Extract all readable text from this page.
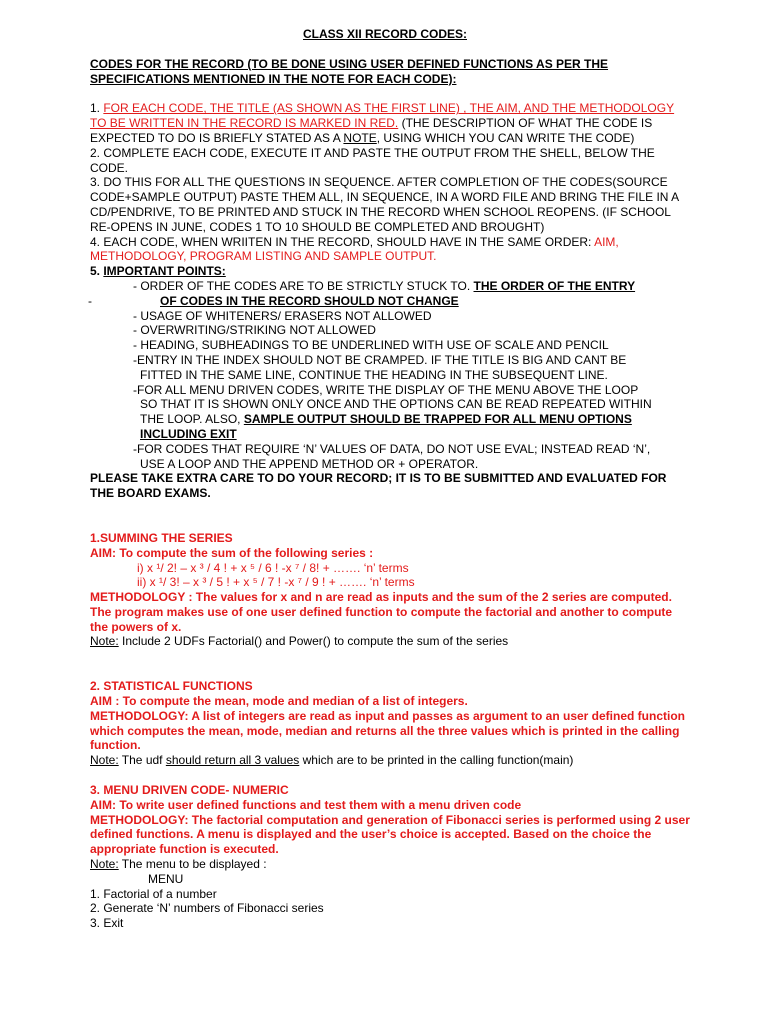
CLASS XII RECORD CODES:

CODES FOR THE RECORD (TO BE DONE USING USER DEFINED FUNCTIONS AS PER THE SPECIFICATIONS MENTIONED IN THE NOTE FOR EACH CODE):

1. FOR EACH CODE, THE TITLE (AS SHOWN AS THE FIRST LINE) , THE AIM, AND THE METHODOLOGY TO BE WRITTEN IN THE RECORD IS MARKED IN RED. (THE DESCRIPTION OF WHAT THE CODE IS EXPECTED TO DO IS BRIEFLY STATED AS A NOTE, USING WHICH YOU CAN WRITE THE CODE)

2. COMPLETE EACH CODE, EXECUTE IT AND PASTE THE OUTPUT FROM THE SHELL, BELOW THE CODE.

3. DO THIS FOR ALL THE QUESTIONS IN SEQUENCE. AFTER COMPLETION OF THE CODES(SOURCE CODE+SAMPLE OUTPUT) PASTE THEM ALL, IN SEQUENCE, IN A WORD FILE AND BRING THE FILE IN A CD/PENDRIVE, TO BE PRINTED AND STUCK IN THE RECORD WHEN SCHOOL REOPENS. (IF SCHOOL RE-OPENS IN JUNE, CODES 1 TO 10 SHOULD BE COMPLETED AND BROUGHT)

4. EACH CODE, WHEN WRIITEN IN THE RECORD, SHOULD HAVE IN THE SAME ORDER: AIM, METHODOLOGY, PROGRAM LISTING AND SAMPLE OUTPUT.

5. IMPORTANT POINTS:

- ORDER OF THE CODES ARE TO BE STRICTLY STUCK TO. THE ORDER OF THE ENTRY

-	OF CODES IN THE RECORD SHOULD NOT CHANGE

- USAGE OF WHITENERS/ ERASERS NOT ALLOWED

- OVERWRITING/STRIKING NOT ALLOWED

- HEADING, SUBHEADINGS TO BE UNDERLINED WITH USE OF SCALE AND PENCIL

-ENTRY IN THE INDEX SHOULD NOT BE CRAMPED. IF THE TITLE IS BIG AND CANT BE

FITTED IN THE SAME LINE, CONTINUE THE HEADING IN THE SUBSEQUENT LINE.

-FOR ALL MENU DRIVEN CODES, WRITE THE DISPLAY OF THE MENU ABOVE THE LOOP

SO THAT IT IS SHOWN ONLY ONCE AND THE OPTIONS CAN BE READ REPEATED WITHIN

THE LOOP. ALSO, SAMPLE OUTPUT SHOULD BE TRAPPED FOR ALL MENU OPTIONS

INCLUDING EXIT

-FOR CODES THAT REQUIRE ‘N’ VALUES OF DATA, DO NOT USE EVAL; INSTEAD READ ‘N’,

USE A LOOP AND THE APPEND METHOD OR + OPERATOR.

PLEASE TAKE EXTRA CARE TO DO YOUR RECORD; IT IS TO BE SUBMITTED AND EVALUATED FOR THE BOARD EXAMS.

1.SUMMING THE SERIES

AIM: To compute the sum of the following series :

i) x ¹/ 2! – x ³ / 4 ! + x ⁵ / 6 ! -x ⁷ / 8! + ……. ‘n’ terms

ii) x ¹/ 3! – x ³ / 5 ! + x ⁵ / 7 ! -x ⁷ / 9 ! + ……. ‘n’ terms

METHODOLOGY : The values for x and n are read as inputs and the sum of the 2 series are computed. The program makes use of one user defined function to compute the factorial and another to compute the powers of x.

Note: Include 2 UDFs Factorial() and Power() to compute the sum of the series

2. STATISTICAL FUNCTIONS

AIM : To compute the mean, mode and median of a list of integers.

METHODOLOGY: A list of integers are read as input and passes as argument to an user defined function which computes the mean, mode, median and returns all the three values which is printed in the calling function.

Note: The udf should return all 3 values which are to be printed in the calling function(main)

3. MENU DRIVEN CODE- NUMERIC

AIM: To write user defined functions and test them with a menu driven code

METHODOLOGY: The factorial computation and generation of Fibonacci series is performed using 2 user defined functions. A menu is displayed and the user’s choice is accepted. Based on the choice the appropriate function is executed.

Note: The menu to be displayed :

MENU

1. Factorial of a number

2. Generate ‘N’ numbers of Fibonacci series

3. Exit
